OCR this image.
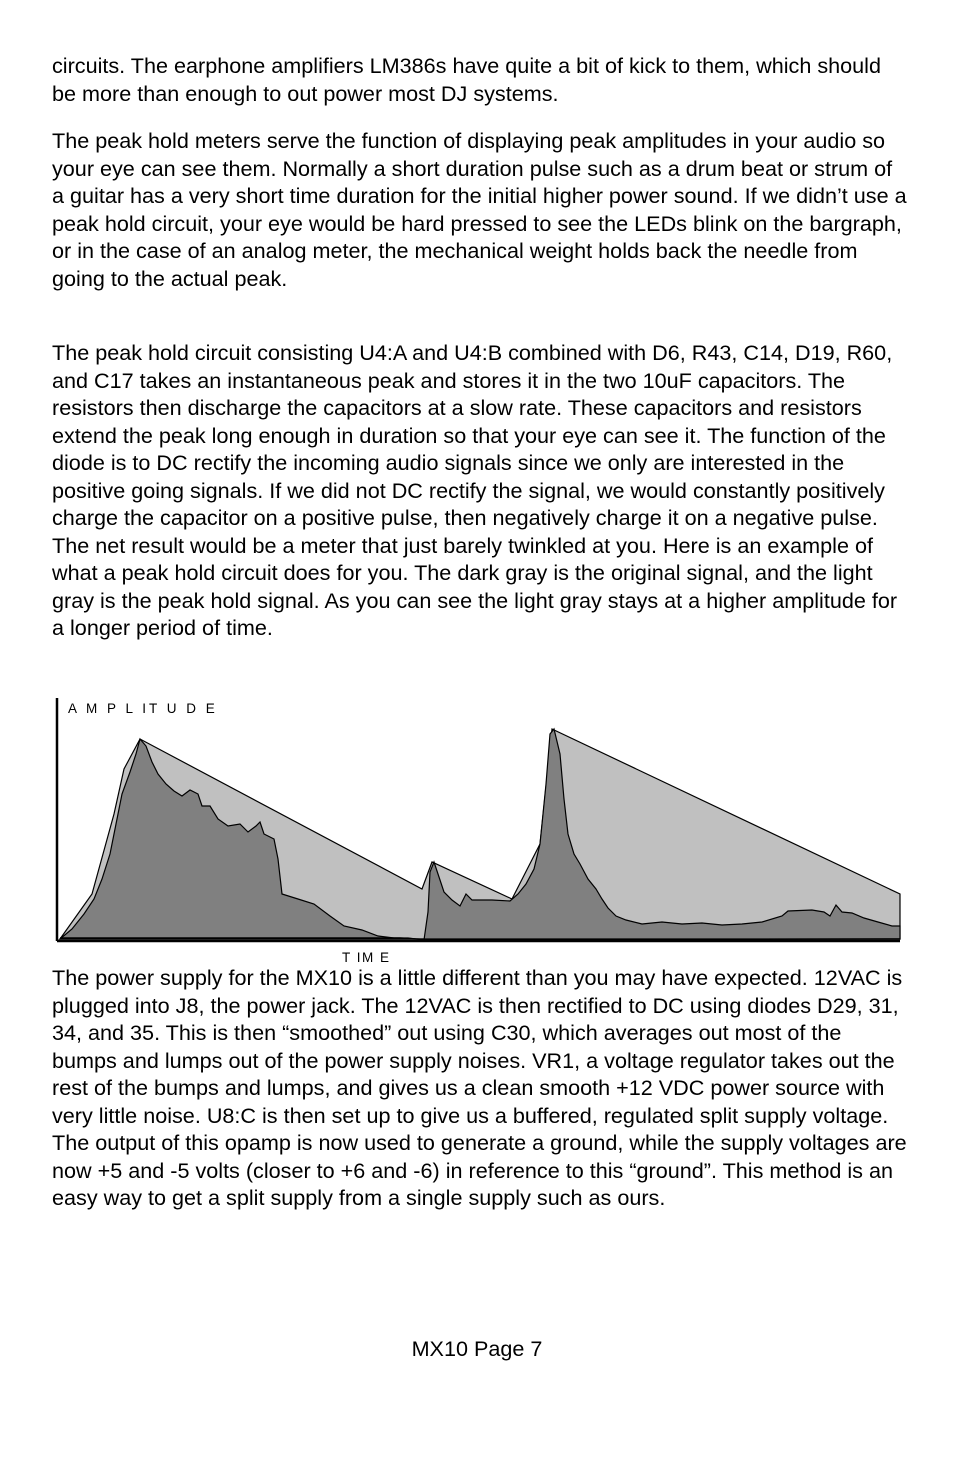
circuits. The earphone amplifiers LM386s have quite a bit of kick to them, which should be more than enough to out power most DJ systems.

The peak hold meters serve the function of displaying peak amplitudes in your audio so your eye can see them. Normally a short duration pulse such as a drum beat or strum of a guitar has a very short time duration for the initial higher power sound. If we didn’t use a peak hold circuit, your eye would be hard pressed to see the LEDs blink on the bargraph, or in the case of an analog meter, the mechanical weight holds back the needle from going to the actual peak.

The peak hold circuit consisting U4:A and U4:B combined with D6, R43, C14, D19, R60, and C17 takes an instantaneous peak and stores it in the two 10uF capacitors. The resistors then discharge the capacitors at a slow rate. These capacitors and resistors extend the peak long enough in duration so that your eye can see it. The function of the diode is to DC rectify the incoming audio signals since we only are interested in the positive going signals. If we did not DC rectify the signal, we would constantly positively charge the capacitor on a positive pulse, then negatively charge it on a negative pulse. The net result would be a meter that just barely twinkled at you. Here is an example of what a peak hold circuit does for you. The dark gray is the original signal, and the light gray is the peak hold signal. As you can see the light gray stays at a higher amplitude for a longer period of time.

A M P L IT U D E
T IM E

The power supply for the MX10 is a little different than you may have expected. 12VAC is plugged into J8, the power jack. The 12VAC is then rectified to DC using diodes D29, 31, 34, and 35. This is then “smoothed” out using C30, which averages out most of the bumps and lumps out of the power supply noises. VR1, a voltage regulator takes out the rest of the bumps and lumps, and gives us a clean smooth +12 VDC power source with very little noise. U8:C is then set up to give us a buffered, regulated split supply voltage. The output of this opamp is now used to generate a ground, while the supply voltages are now +5 and -5 volts (closer to +6 and -6) in reference to this “ground”. This method is an easy way to get a split supply from a single supply such as ours.

MX10 Page 7
